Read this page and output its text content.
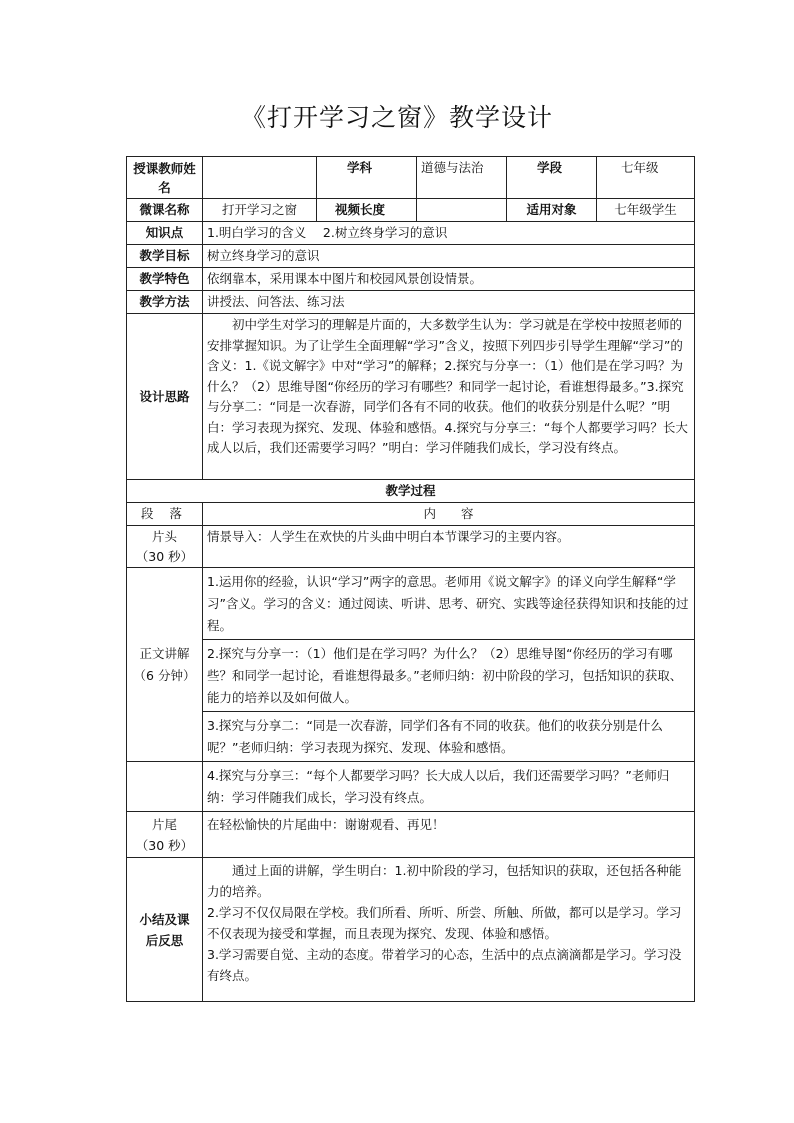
《打开学习之窗》教学设计
授课教师姓名		学科	道德与法治	学段	七年级
微课名称	打开学习之窗	视频长度		适用对象	七年级学生
知识点	1.明白学习的含义　 2.树立终身学习的意识				
教学目标	树立终身学习的意识				
教学特色	依纲靠本，采用课本中图片和校园风景创设情景。				
教学方法	讲授法、问答法、练习法				
设计思路	初中学生对学习的理解是片面的，大多数学生认为：学习就是在学校中按照老师的安排掌握知识。为了让学生全面理解“学习”含义，按照下列四步引导学生理解“学习”的含义：1.《说文解字》中对“学习”的解释；2.探究与分享一：（1）他们是在学习吗？为什么？（2）思维导图“你经历的学习有哪些？和同学一起讨论，看谁想得最多。”3.探究与分享二：“同是一次春游，同学们各有不同的收获。他们的收获分别是什么呢？”明白：学习表现为探究、发现、体验和感悟。4.探究与分享三：“每个人都要学习吗？长大成人以后，我们还需要学习吗？”明白：学习伴随我们成长，学习没有终点。				

教学过程					
段 落	内　　容				

片头
（30 秒）	情景导入：人学生在欢快的片头曲中明白本节课学习的主要内容。				

正文讲解
（6 分钟）	1.运用你的经验，认识“学习”两字的意思。老师用《说文解字》的译义向学生解释“学习”含义。学习的含义：通过阅读、听讲、思考、研究、实践等途径获得知识和技能的过程。				
	2.探究与分享一：（1）他们是在学习吗？为什么？（2）思维导图“你经历的学习有哪些？和同学一起讨论，看谁想得最多。”老师归纳：初中阶段的学习，包括知识的获取、能力的培养以及如何做人。				
	3.探究与分享二：“同是一次春游，同学们各有不同的收获。他们的收获分别是什么呢？”老师归纳：学习表现为探究、发现、体验和感悟。				
	4.探究与分享三：“每个人都要学习吗？长大成人以后，我们还需要学习吗？”老师归纳：学习伴随我们成长，学习没有终点。				

片尾
（30 秒）	在轻松愉快的片尾曲中：谢谢观看、再见！				

小结及课后反思	通过上面的讲解，学生明白：1.初中阶段的学习，包括知识的获取，还包括各种能力的培养。
2.学习不仅仅局限在学校。我们所看、所听、所尝、所触、所做，都可以是学习。学习不仅表现为接受和掌握，而且表现为探究、发现、体验和感悟。
3.学习需要自觉、主动的态度。带着学习的心态，生活中的点点滴滴都是学习。学习没有终点。				
